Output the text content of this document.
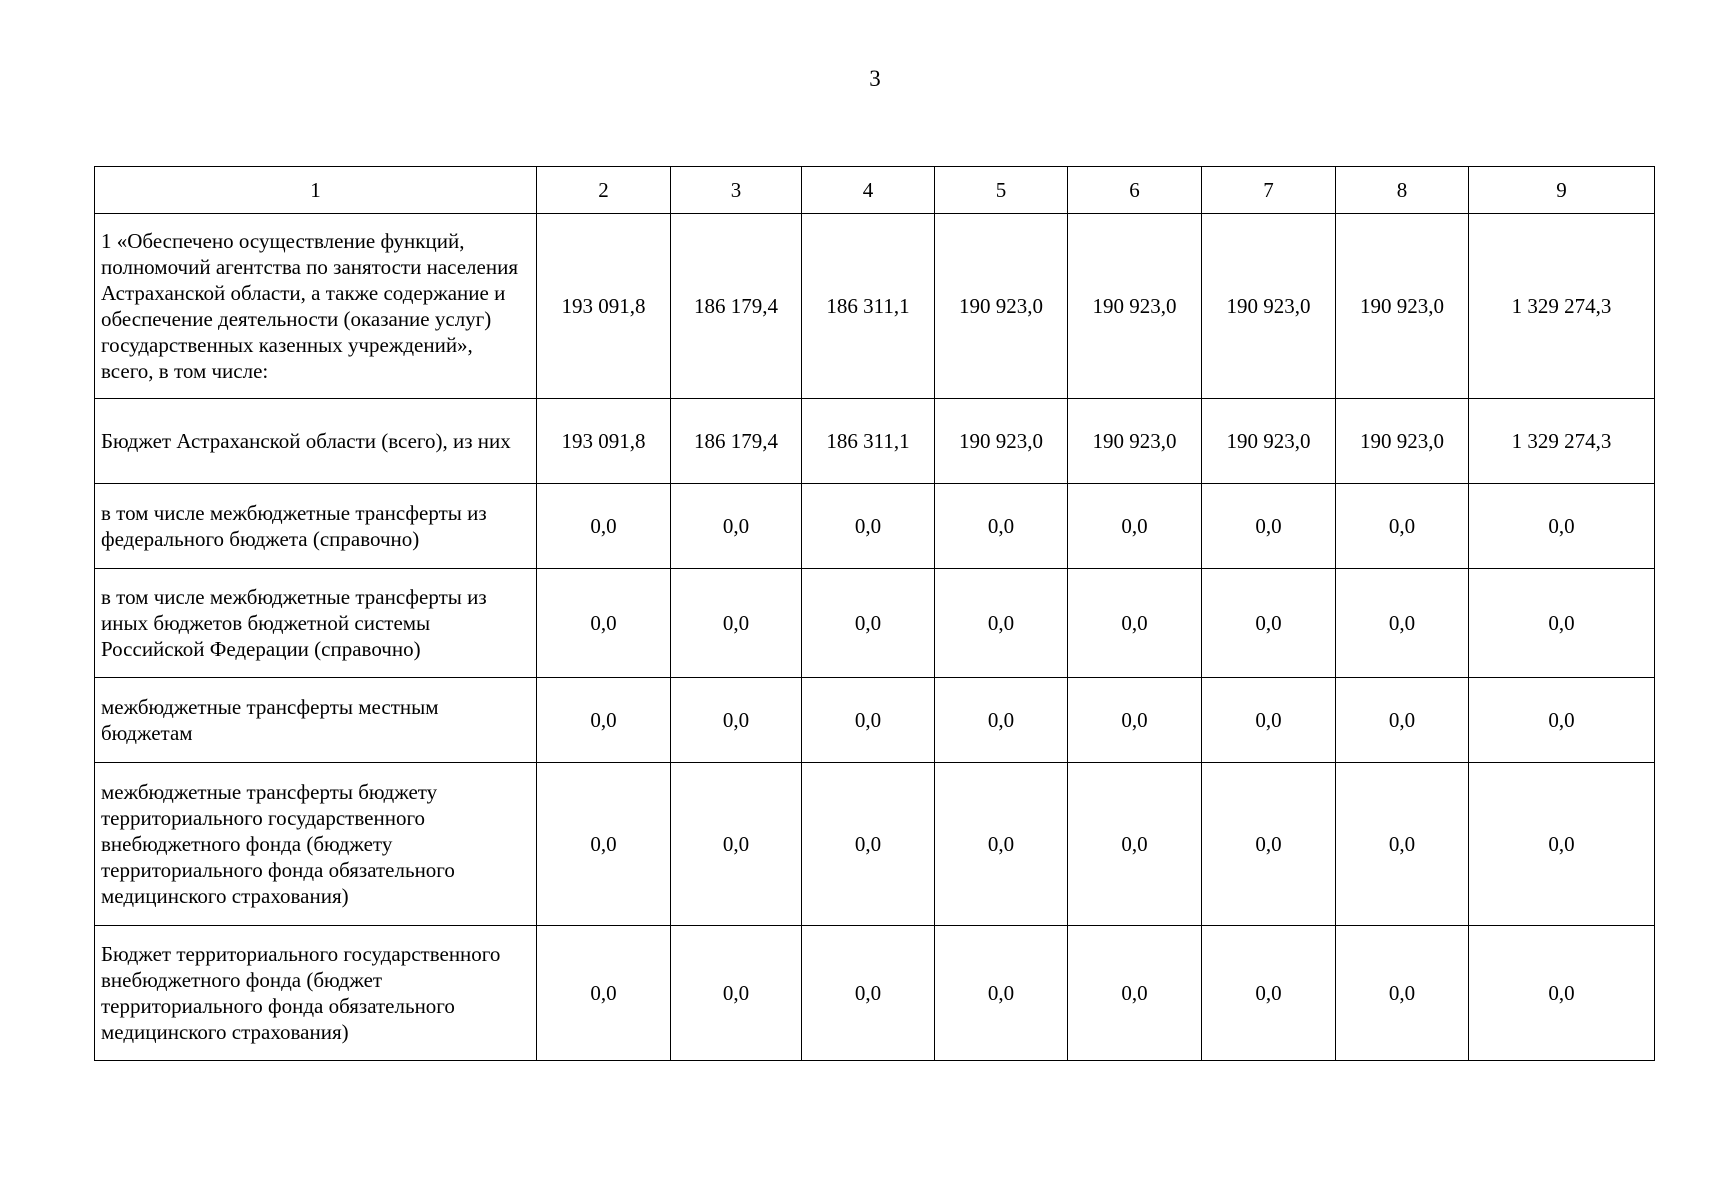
3
1	2	3	4	5	6	7	8	9
1 «Обеспечено осуществление функций, полномочий агентства по занятости населения Астраханской области, а также содержание и обеспечение деятельности (оказание услуг) государственных казенных учреждений», всего, в том числе:	193 091,8	186 179,4	186 311,1	190 923,0	190 923,0	190 923,0	190 923,0	1 329 274,3
Бюджет Астраханской области (всего), из них	193 091,8	186 179,4	186 311,1	190 923,0	190 923,0	190 923,0	190 923,0	1 329 274,3
в том числе межбюджетные трансферты из федерального бюджета (справочно)	0,0	0,0	0,0	0,0	0,0	0,0	0,0	0,0
в том числе межбюджетные трансферты из иных бюджетов бюджетной системы Российской Федерации (справочно)	0,0	0,0	0,0	0,0	0,0	0,0	0,0	0,0
межбюджетные трансферты местным бюджетам	0,0	0,0	0,0	0,0	0,0	0,0	0,0	0,0
межбюджетные трансферты бюджету территориального государственного внебюджетного фонда (бюджету территориального фонда обязательного медицинского страхования)	0,0	0,0	0,0	0,0	0,0	0,0	0,0	0,0
Бюджет территориального государственного внебюджетного фонда (бюджет территориального фонда обязательного медицинского страхования)	0,0	0,0	0,0	0,0	0,0	0,0	0,0	0,0
